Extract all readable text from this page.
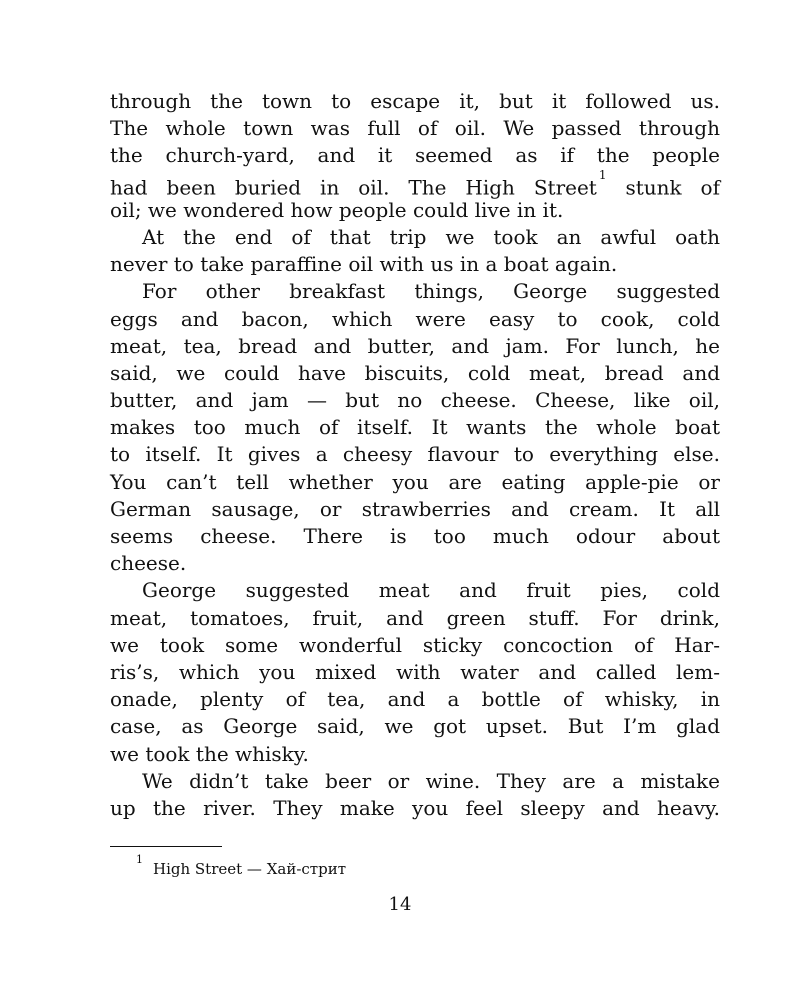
through the town to escape it, but it followed us.
The whole town was full of oil. We passed through
the church-yard, and it seemed as if the people
had been buried in oil. The High Street$^1$ stunk of
oil; we wondered how people could live in it.
At the end of that trip we took an awful oath
never to take paraffine oil with us in a boat again.
For other breakfast things, George suggested
eggs and bacon, which were easy to cook, cold
meat, tea, bread and butter, and jam. For lunch, he
said, we could have biscuits, cold meat, bread and
butter, and jam — but no cheese. Cheese, like oil,
makes too much of itself. It wants the whole boat
to itself. It gives a cheesy flavour to everything else.
You can’t tell whether you are eating apple-pie or
German sausage, or strawberries and cream. It all
seems cheese. There is too much odour about
cheese.
George suggested meat and fruit pies, cold
meat, tomatoes, fruit, and green stuff. For drink,
we took some wonderful sticky concoction of Har-
ris’s, which you mixed with water and called lem-
onade, plenty of tea, and a bottle of whisky, in
case, as George said, we got upset. But I’m glad
we took the whisky.
We didn’t take beer or wine. They are a mistake
up the river. They make you feel sleepy and heavy.
$^1$High Street — Хай-стрит
14
